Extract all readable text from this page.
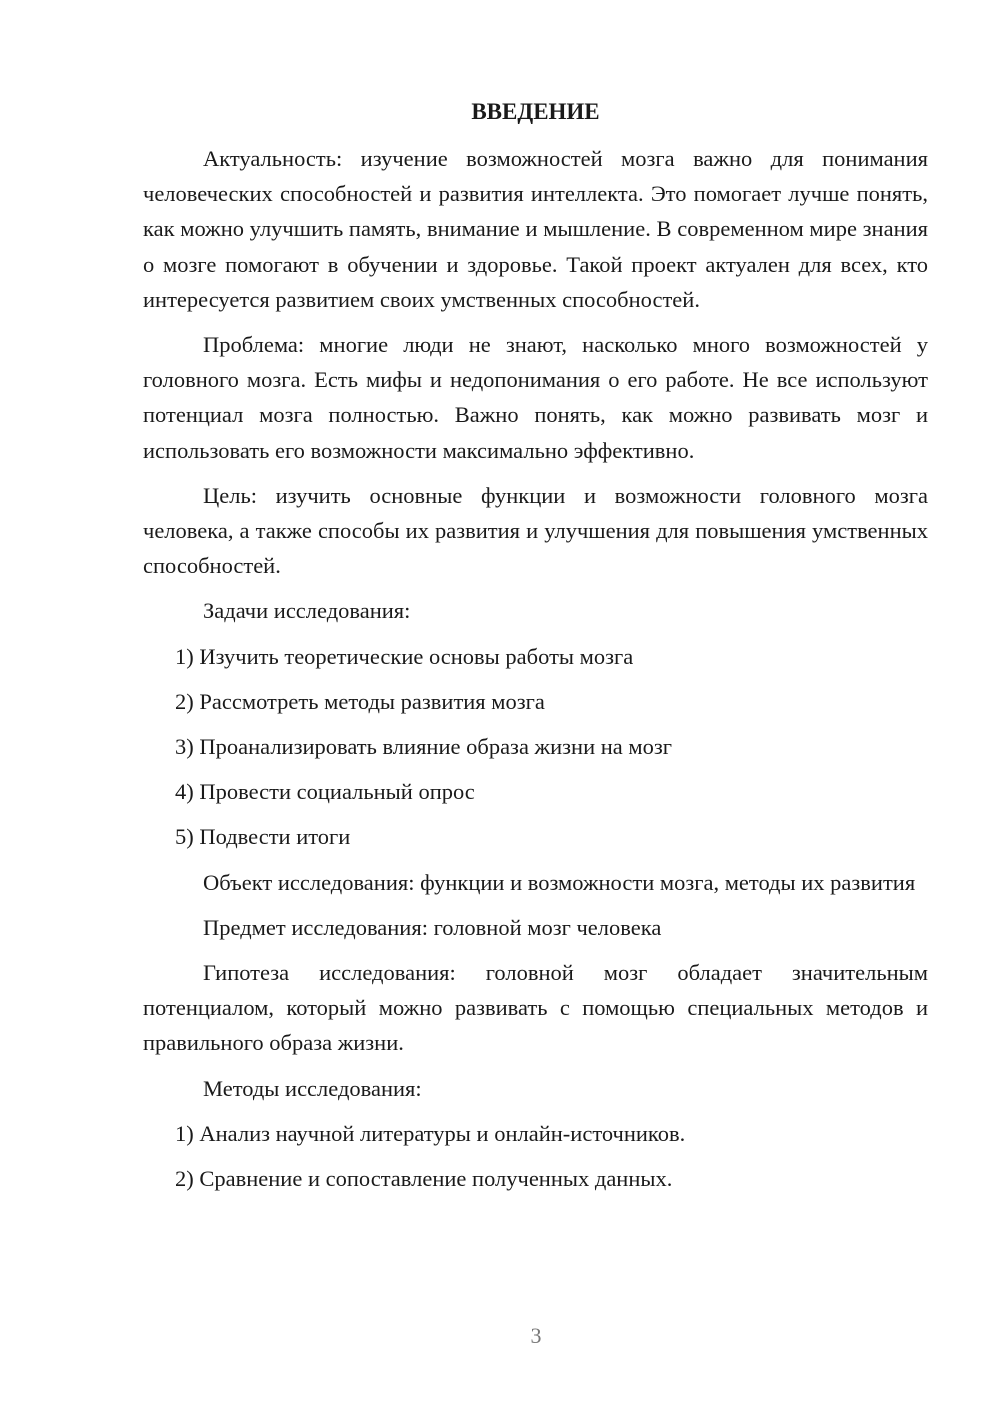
ВВЕДЕНИЕ

Актуальность: изучение возможностей мозга важно для понимания человеческих способностей и развития интеллекта. Это помогает лучше понять, как можно улучшить память, внимание и мышление. В современном мире знания о мозге помогают в обучении и здоровье. Такой проект актуален для всех, кто интересуется развитием своих умственных способностей.

Проблема: многие люди не знают, насколько много возможностей у головного мозга. Есть мифы и недопонимания о его работе. Не все используют потенциал мозга полностью. Важно понять, как можно развивать мозг и использовать его возможности максимально эффективно.

Цель: изучить основные функции и возможности головного мозга человека, а также способы их развития и улучшения для повышения умственных способностей.

Задачи исследования:

1) Изучить теоретические основы работы мозга
2) Рассмотреть методы развития мозга
3) Проанализировать влияние образа жизни на мозг
4) Провести социальный опрос
5) Подвести итоги

Объект исследования: функции и возможности мозга, методы их развития

Предмет исследования: головной мозг человека

Гипотеза исследования: головной мозг обладает значительным потенциалом, который можно развивать с помощью специальных методов и правильного образа жизни.

Методы исследования:

1) Анализ научной литературы и онлайн-источников.
2) Сравнение и сопоставление полученных данных.
3
